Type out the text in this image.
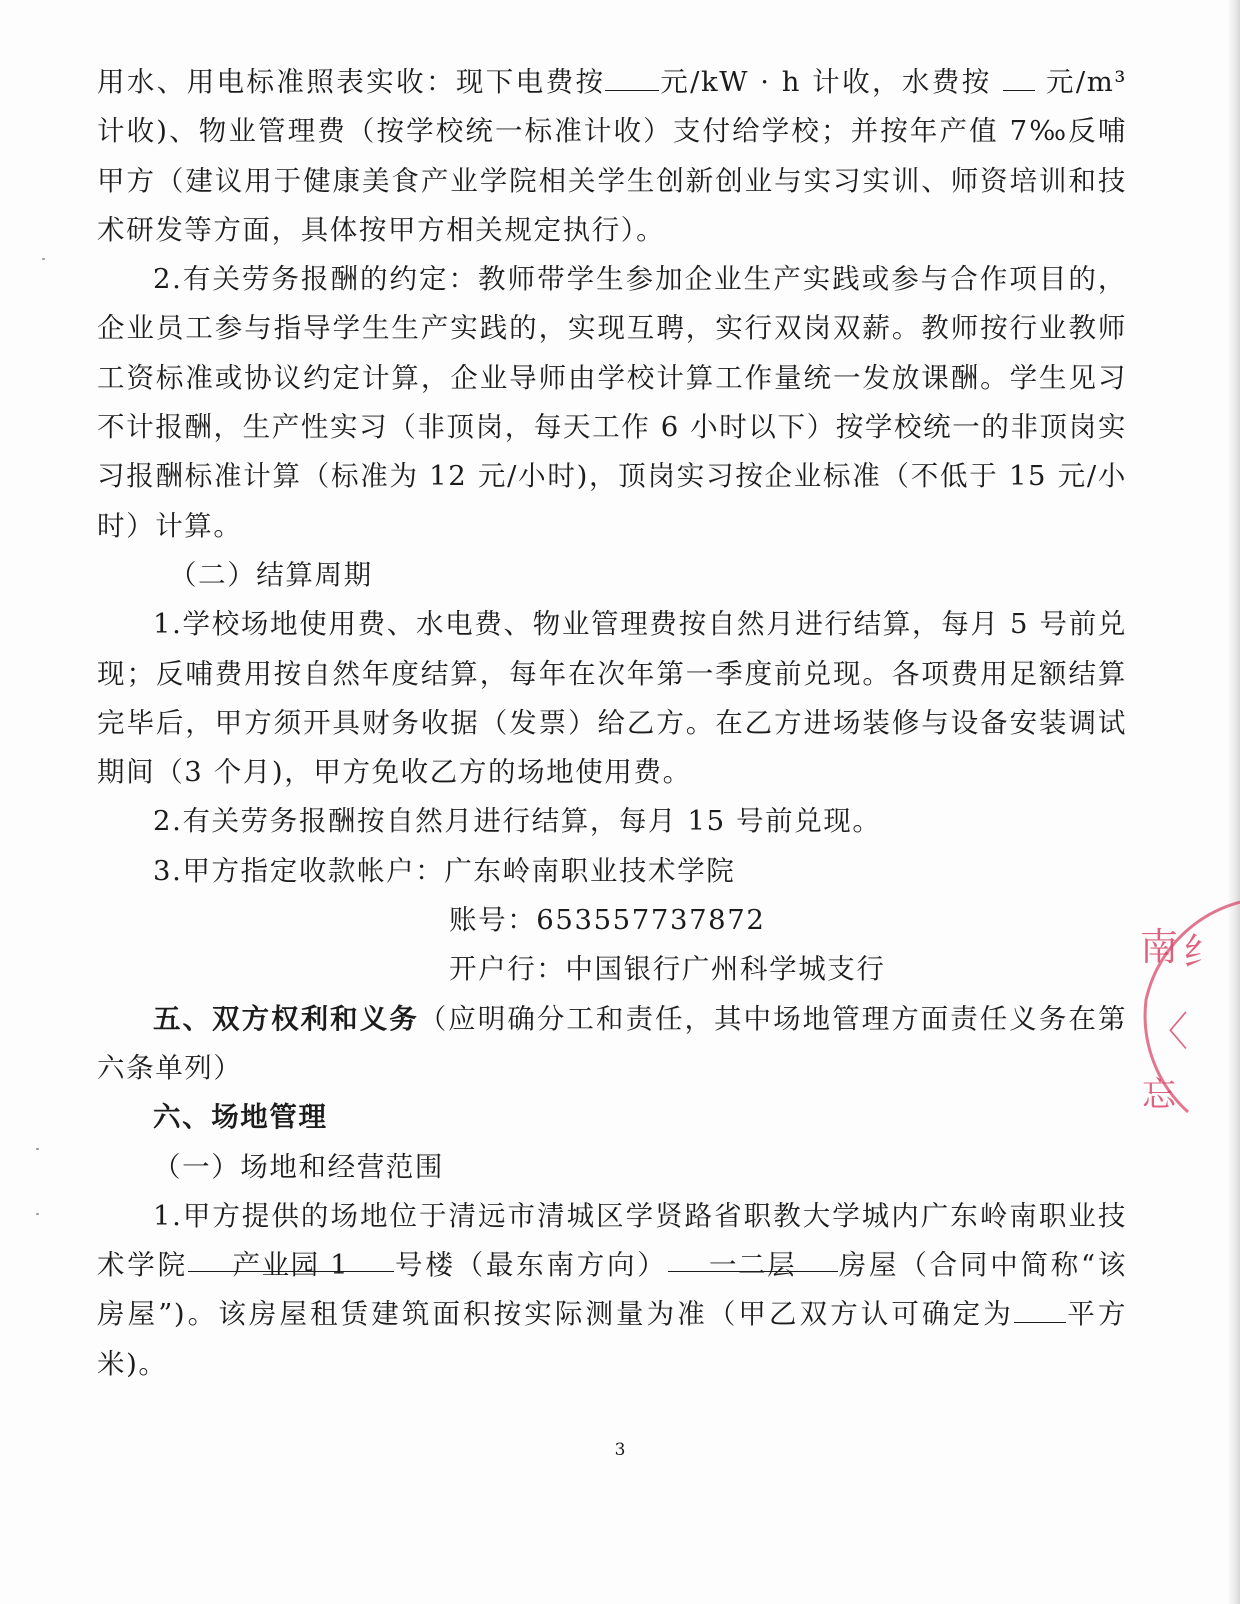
用水、用电标准照表实收：现下电费按 元/kW · h 计收，水费按 元/m³计收)、物业管理费（按学校统一标准计收）支付给学校；并按年产值 7‰反哺甲方（建议用于健康美食产业学院相关学生创新创业与实习实训、师资培训和技术研发等方面，具体按甲方相关规定执行）。

2.有关劳务报酬的约定：教师带学生参加企业生产实践或参与合作项目的，企业员工参与指导学生生产实践的，实现互聘，实行双岗双薪。教师按行业教师工资标准或协议约定计算，企业导师由学校计算工作量统一发放课酬。学生见习不计报酬，生产性实习（非顶岗，每天工作 6 小时以下）按学校统一的非顶岗实习报酬标准计算（标准为 12 元/小时)，顶岗实习按企业标准（不低于 15 元/小时）计算。

（二）结算周期

1.学校场地使用费、水电费、物业管理费按自然月进行结算，每月 5 号前兑现；反哺费用按自然年度结算，每年在次年第一季度前兑现。各项费用足额结算完毕后，甲方须开具财务收据（发票）给乙方。在乙方进场装修与设备安装调试期间（3 个月)，甲方免收乙方的场地使用费。

2.有关劳务报酬按自然月进行结算，每月 15 号前兑现。

3.甲方指定收款帐户：广东岭南职业技术学院

账号：653557737872

开户行：中国银行广州科学城支行

五、双方权利和义务（应明确分工和责任，其中场地管理方面责任义务在第六条单列）

六、场地管理

（一）场地和经营范围

1.甲方提供的场地位于清远市清城区学贤路省职教大学城内广东岭南职业技术学院 产业园 1 号楼（最东南方向） 一二层 房屋（合同中简称“该房屋”)。该房屋租赁建筑面积按实际测量为准（甲乙双方认可确定为 平方米)。

3
南 纟
〈
忘
